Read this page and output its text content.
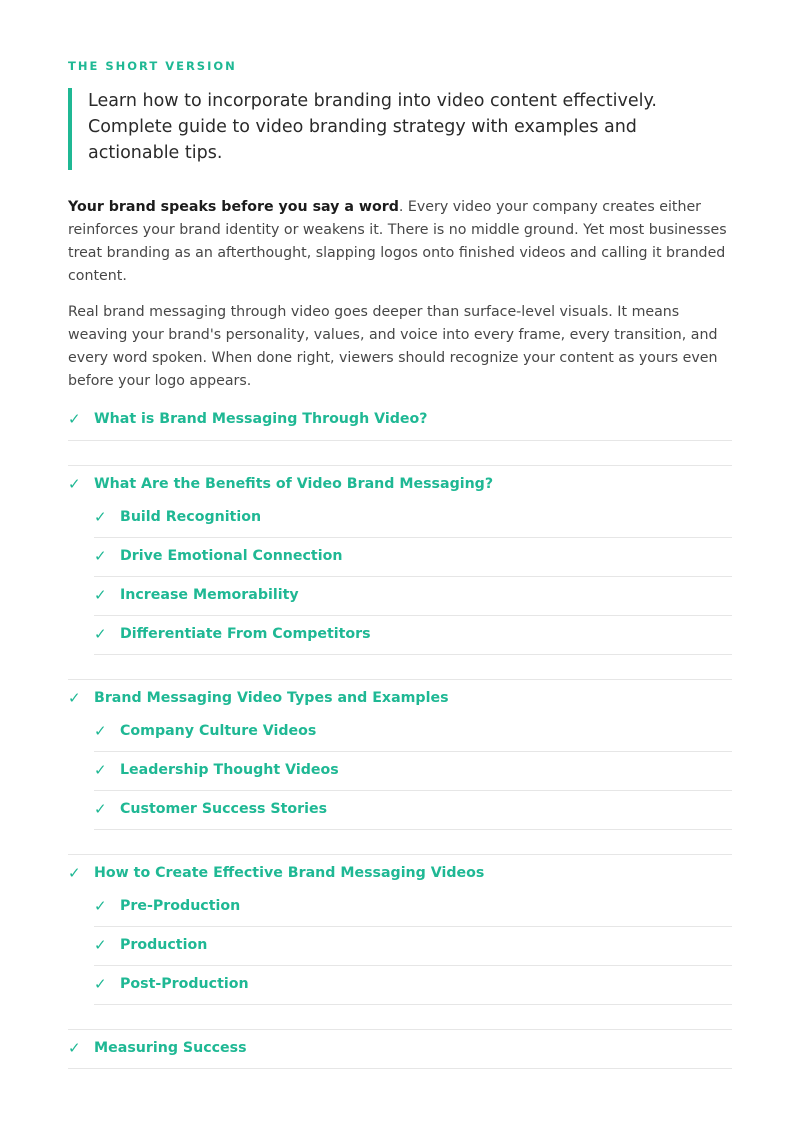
THE SHORT VERSION

Learn how to incorporate branding into video content effectively. Complete guide to video branding strategy with examples and actionable tips.

Your brand speaks before you say a word. Every video your company creates either reinforces your brand identity or weakens it. There is no middle ground. Yet most businesses treat branding as an afterthought, slapping logos onto finished videos and calling it branded content.

Real brand messaging through video goes deeper than surface-level visuals. It means weaving your brand's personality, values, and voice into every frame, every transition, and every word spoken. When done right, viewers should recognize your content as yours even before your logo appears.

✓ What is Brand Messaging Through Video?
✓ What Are the Benefits of Video Brand Messaging?
✓ Build Recognition
✓ Drive Emotional Connection
✓ Increase Memorability
✓ Differentiate From Competitors
✓ Brand Messaging Video Types and Examples
✓ Company Culture Videos
✓ Leadership Thought Videos
✓ Customer Success Stories
✓ How to Create Effective Brand Messaging Videos
✓ Pre-Production
✓ Production
✓ Post-Production
✓ Measuring Success
